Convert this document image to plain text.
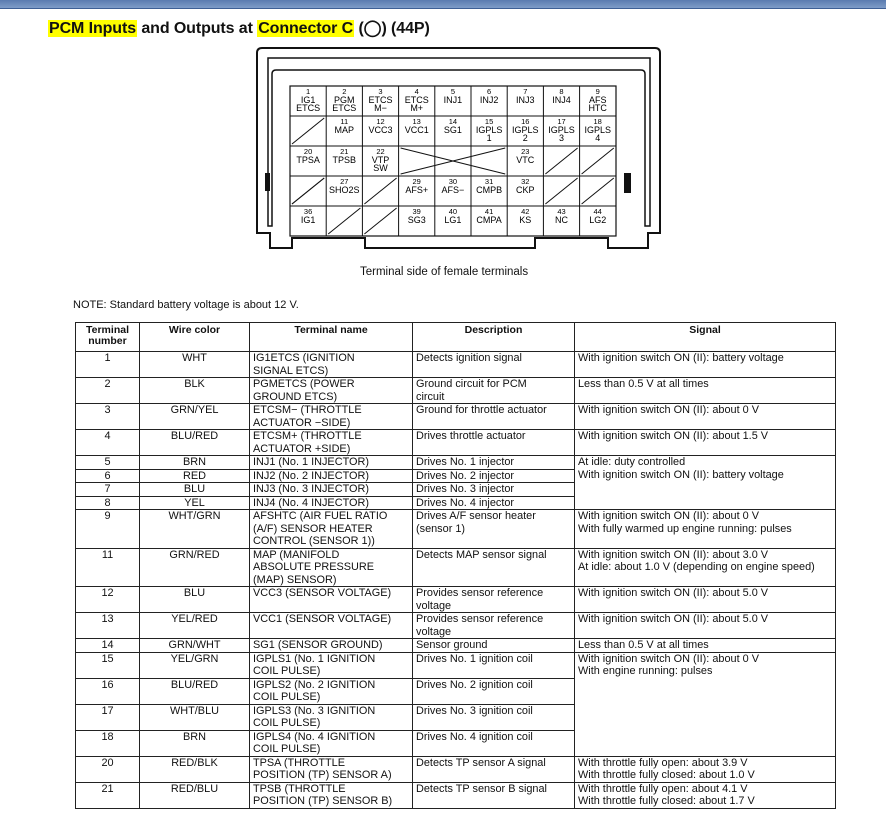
PCM Inputs and Outputs at Connector C (◯) (44P)
1
IG1
ETCS
2
PGM
ETCS
3
ETCS
M−
4
ETCS
M+
5
INJ1
6
INJ2
7
INJ3
8
INJ4
9
AFS
HTC
11
MAP
12
VCC3
13
VCC1
14
SG1
15
IGPLS
1
16
IGPLS
2
17
IGPLS
3
18
IGPLS
4
20
TPSA
21
TPSB
22
VTP
SW
23
VTC
27
SHO2S
29
AFS+
30
AFS−
31
CMPB
32
CKP
36
IG1
39
SG3
40
LG1
41
CMPA
42
KS
43
NC
44
LG2
Terminal side of female terminals
NOTE: Standard battery voltage is about 12 V.
Terminal
number	Wire color	Terminal name	Description	Signal
1	WHT	IG1ETCS (IGNITION
SIGNAL ETCS)	Detects ignition signal	With ignition switch ON (II): battery voltage
2	BLK	PGMETCS (POWER
GROUND ETCS)	Ground circuit for PCM
circuit	Less than 0.5 V at all times
3	GRN/YEL	ETCSM− (THROTTLE
ACTUATOR −SIDE)	Ground for throttle actuator	With ignition switch ON (II): about 0 V
4	BLU/RED	ETCSM+ (THROTTLE
ACTUATOR +SIDE)	Drives throttle actuator	With ignition switch ON (II): about 1.5 V
5	BRN	INJ1 (No. 1 INJECTOR)	Drives No. 1 injector	At idle: duty controlled
With ignition switch ON (II): battery voltage
6	RED	INJ2 (No. 2 INJECTOR)	Drives No. 2 injector	
7	BLU	INJ3 (No. 3 INJECTOR)	Drives No. 3 injector	
8	YEL	INJ4 (No. 4 INJECTOR)	Drives No. 4 injector	
9	WHT/GRN	AFSHTC (AIR FUEL RATIO
(A/F) SENSOR HEATER
CONTROL (SENSOR 1))	Drives A/F sensor heater
(sensor 1)	With ignition switch ON (II): about 0 V
With fully warmed up engine running: pulses
11	GRN/RED	MAP (MANIFOLD
ABSOLUTE PRESSURE
(MAP) SENSOR)	Detects MAP sensor signal	With ignition switch ON (II): about 3.0 V
At idle: about 1.0 V (depending on engine speed)
12	BLU	VCC3 (SENSOR VOLTAGE)	Provides sensor reference
voltage	With ignition switch ON (II): about 5.0 V
13	YEL/RED	VCC1 (SENSOR VOLTAGE)	Provides sensor reference
voltage	With ignition switch ON (II): about 5.0 V
14	GRN/WHT	SG1 (SENSOR GROUND)	Sensor ground	Less than 0.5 V at all times
15	YEL/GRN	IGPLS1 (No. 1 IGNITION
COIL PULSE)	Drives No. 1 ignition coil	With ignition switch ON (II): about 0 V
With engine running: pulses
16	BLU/RED	IGPLS2 (No. 2 IGNITION
COIL PULSE)	Drives No. 2 ignition coil	
17	WHT/BLU	IGPLS3 (No. 3 IGNITION
COIL PULSE)	Drives No. 3 ignition coil	
18	BRN	IGPLS4 (No. 4 IGNITION
COIL PULSE)	Drives No. 4 ignition coil	
20	RED/BLK	TPSA (THROTTLE
POSITION (TP) SENSOR A)	Detects TP sensor A signal	With throttle fully open: about 3.9 V
With throttle fully closed: about 1.0 V
21	RED/BLU	TPSB (THROTTLE
POSITION (TP) SENSOR B)	Detects TP sensor B signal	With throttle fully open: about 4.1 V
With throttle fully closed: about 1.7 V
